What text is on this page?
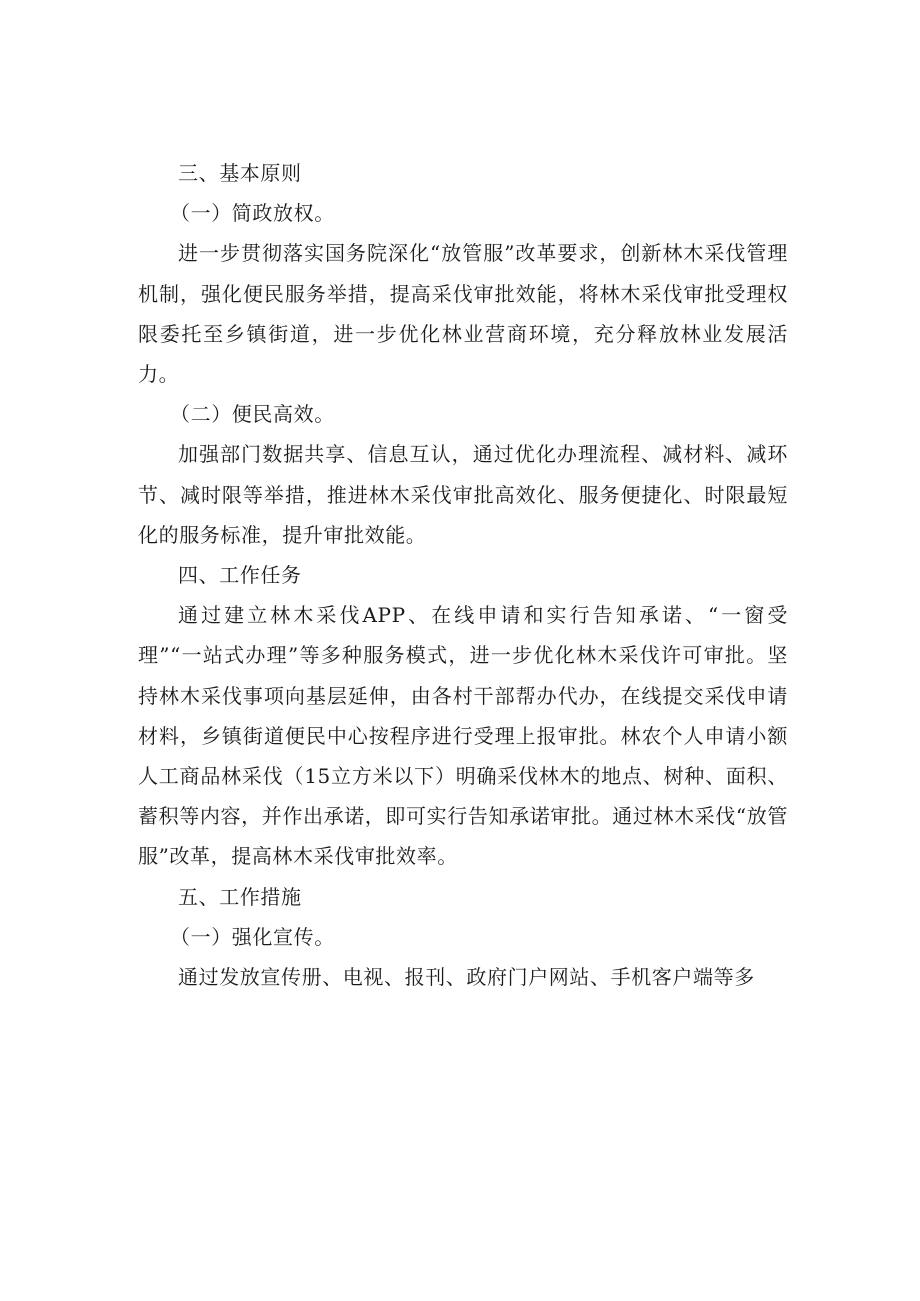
三、基本原则

（一）简政放权。

进一步贯彻落实国务院深化“放管服”改革要求，创新林木采伐管理机制，强化便民服务举措，提高采伐审批效能，将林木采伐审批受理权限委托至乡镇街道，进一步优化林业营商环境，充分释放林业发展活力。

（二）便民高效。

加强部门数据共享、信息互认，通过优化办理流程、减材料、减环节、减时限等举措，推进林木采伐审批高效化、服务便捷化、时限最短化的服务标准，提升审批效能。

四、工作任务

通过建立林木采伐APP、在线申请和实行告知承诺、“一窗受理”“一站式办理”等多种服务模式，进一步优化林木采伐许可审批。坚持林木采伐事项向基层延伸，由各村干部帮办代办，在线提交采伐申请材料，乡镇街道便民中心按程序进行受理上报审批。林农个人申请小额人工商品林采伐（15立方米以下）明确采伐林木的地点、树种、面积、蓄积等内容，并作出承诺，即可实行告知承诺审批。通过林木采伐“放管服”改革，提高林木采伐审批效率。

五、工作措施

（一）强化宣传。

通过发放宣传册、电视、报刊、政府门户网站、手机客户端等多
